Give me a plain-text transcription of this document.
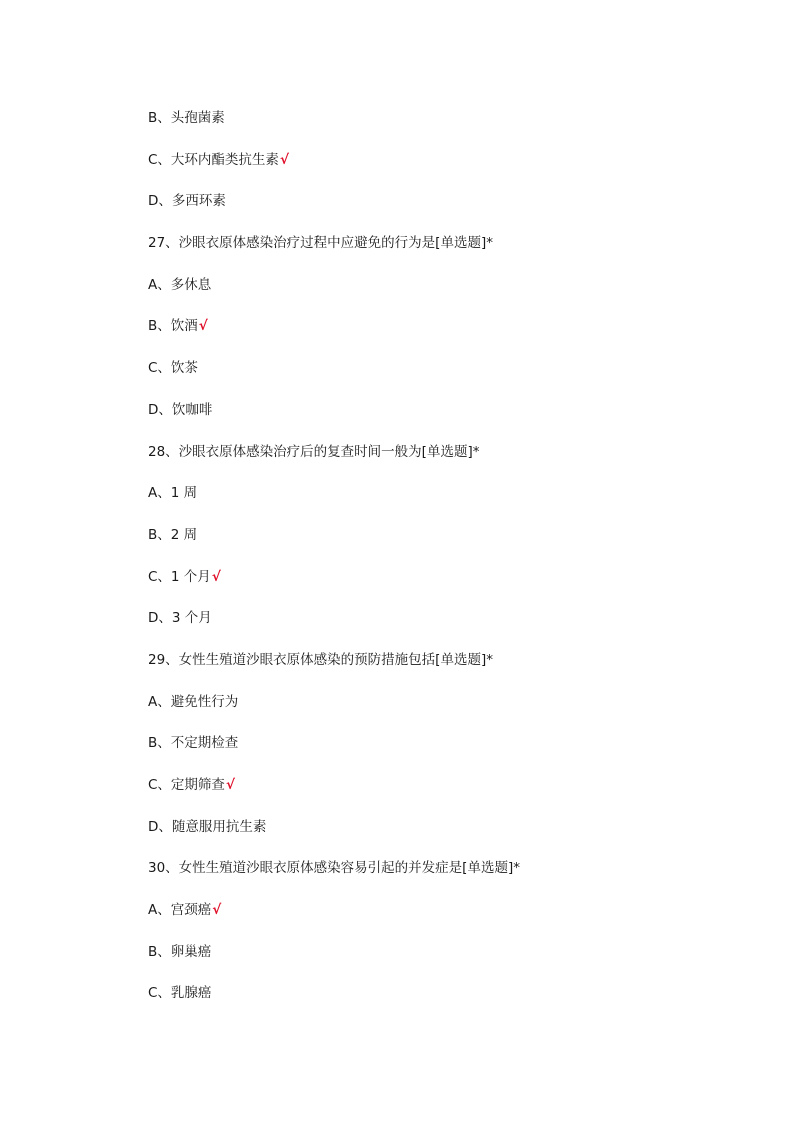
B、头孢菌素
C、大环内酯类抗生素√
D、多西环素
27、沙眼衣原体感染治疗过程中应避免的行为是[单选题]*
A、多休息
B、饮酒√
C、饮茶
D、饮咖啡
28、沙眼衣原体感染治疗后的复查时间一般为[单选题]*
A、1 周
B、2 周
C、1 个月√
D、3 个月
29、女性生殖道沙眼衣原体感染的预防措施包括[单选题]*
A、避免性行为
B、不定期检查
C、定期筛查√
D、随意服用抗生素
30、女性生殖道沙眼衣原体感染容易引起的并发症是[单选题]*
A、宫颈癌√
B、卵巢癌
C、乳腺癌
